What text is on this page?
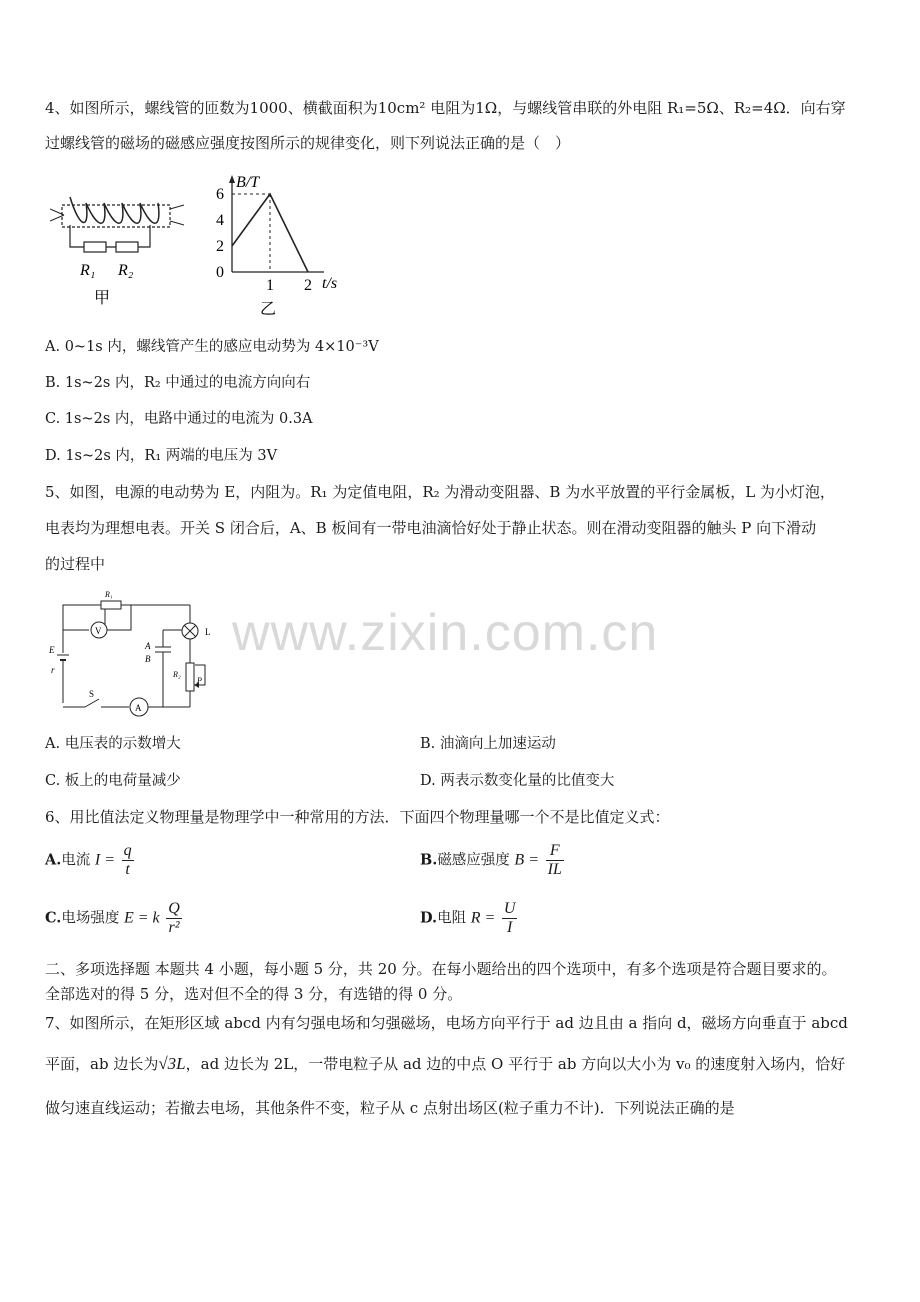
4、如图所示，螺线管的匝数为1000、横截面积为10cm² 电阻为1Ω，与螺线管串联的外电阻 R₁=5Ω、R₂=4Ω．向右穿
过螺线管的磁场的磁感应强度按图所示的规律变化，则下列说法正确的是（　）
R₁ R₂
甲
B/T
6
4
2
0
1 2 t/s
乙
A. 0~1s 内，螺线管产生的感应电动势为 4×10⁻³V
B. 1s~2s 内，R₂ 中通过的电流方向向右
C. 1s~2s 内，电路中通过的电流为 0.3A
D. 1s~2s 内，R₁ 两端的电压为 3V
5、如图，电源的电动势为 E，内阻为。R₁ 为定值电阻，R₂ 为滑动变阻器、B 为水平放置的平行金属板，L 为小灯泡，
电表均为理想电表。开关 S 闭合后，A、B 板间有一带电油滴恰好处于静止状态。则在滑动变阻器的触头 P 向下滑动
的过程中
R₁
V
E
r
A
B
L
R₂
P
S
A
www.zixin.com.cn
A. 电压表的示数增大	B. 油滴向上加速运动
C. 板上的电荷量减少	D. 两表示数变化量的比值变大
6、用比值法定义物理量是物理学中一种常用的方法．下面四个物理量哪一个不是比值定义式：
A.电流 $I = \frac{q}{t}$	B.磁感应强度 $B = \frac{F}{IL}$
C.电场强度 E = k $\frac{Q}{\text{r²}}$	D.电阻 $R = \frac{U}{I}$
二、多项选择题 本题共 4 小题，每小题 5 分，共 20 分。在每小题给出的四个选项中，有多个选项是符合题目要求的。
全部选对的得 5 分，选对但不全的得 3 分，有选错的得 0 分。
7、如图所示，在矩形区域 abcd 内有匀强电场和匀强磁场，电场方向平行于 ad 边且由 a 指向 d，磁场方向垂直于 abcd
平面，ab 边长为√3L，ad 边长为 2L，一带电粒子从 ad 边的中点 O 平行于 ab 方向以大小为 v₀ 的速度射入场内，恰好
做匀速直线运动；若撤去电场，其他条件不变，粒子从 c 点射出场区(粒子重力不计)．下列说法正确的是
